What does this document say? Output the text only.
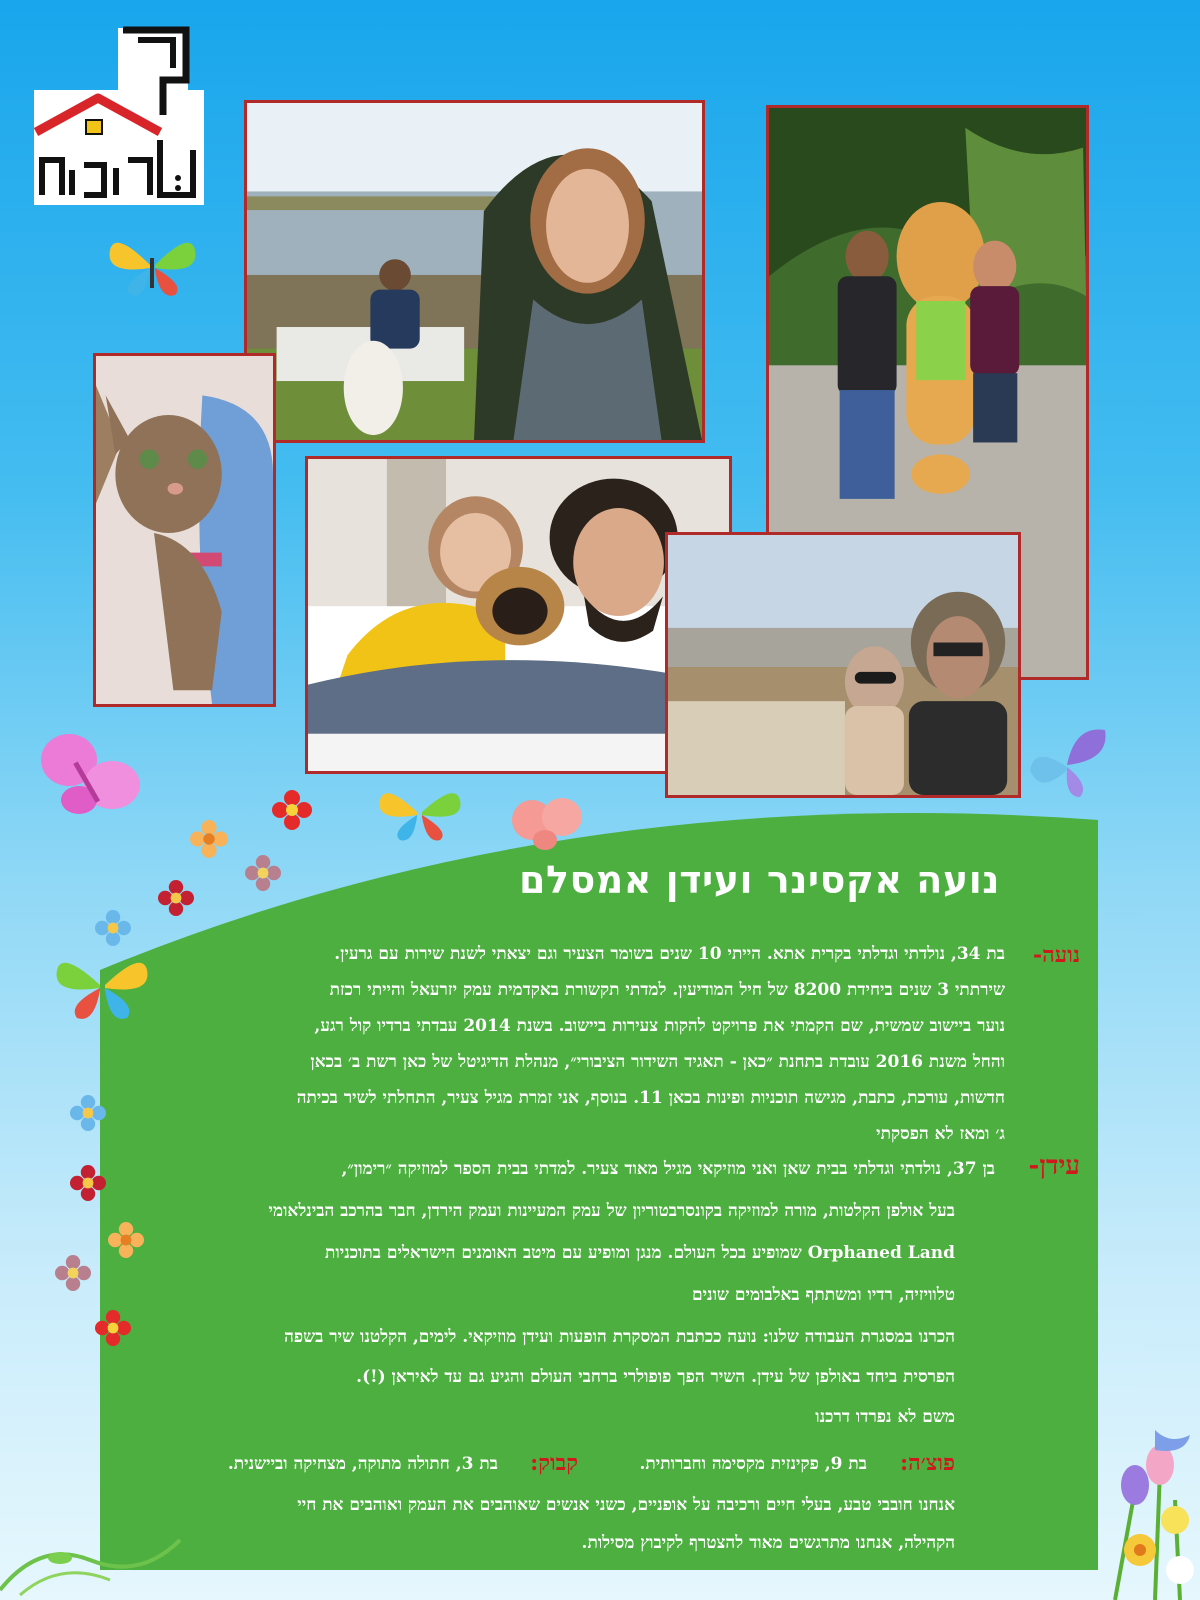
נועה אקסינר ועידן אמסלם
נועה-
בת 34, נולדתי וגדלתי בקרית אתא. הייתי 10 שנים בשומר הצעיר וגם יצאתי לשנת שירות עם גרעין.
שירתתי 3 שנים ביחידת 8200 של חיל המודיעין. למדתי תקשורת באקדמית עמק יזרעאל והייתי רכזת
נוער ביישוב שמשית, שם הקמתי את פרויקט להקות צעירות ביישוב. בשנת 2014 עבדתי ברדיו קול רגע,
והחל משנת 2016 עובדת בתחנת ״כאן - תאגיד השידור הציבורי״, מנהלת הדיגיטל של כאן רשת ב׳ בכאן
חדשות, עורכת, כתבת, מגישה תוכניות ופינות בכאן 11. בנוסף, אני זמרת מגיל צעיר, התחלתי לשיר בכיתה
ג׳ ומאז לא הפסקתי
עידן-
בן 37, נולדתי וגדלתי בבית שאן ואני מוזיקאי מגיל מאוד צעיר. למדתי בבית הספר למוזיקה ״רימון״,
בעל אולפן הקלטות, מורה למוזיקה בקונסרבטוריון של עמק המעיינות ועמק הירדן, חבר בהרכב הבינלאומי
Orphaned Land שמופיע בכל העולם. מנגן ומופיע עם מיטב האומנים הישראלים בתוכניות
טלוויזיה, רדיו ומשתתף באלבומים שונים
הכרנו במסגרת העבודה שלנו: נועה ככתבת המסקרת הופעות ועידן מוזיקאי. לימים, הקלטנו שיר בשפה
הפרסית ביחד באולפן של עידן. השיר הפך פופולרי ברחבי העולם והגיע גם עד לאיראן (!).
משם לא נפרדו דרכנו
פוצ׳ה:
בת 9, פקינזית מקסימה וחברותית.
קבוק:
בת 3, חתולה מתוקה, מצחיקה וביישנית.
אנחנו חובבי טבע, בעלי חיים ורכיבה על אופניים, כשני אנשים שאוהבים את העמק ואוהבים את חיי
הקהילה, אנחנו מתרגשים מאוד להצטרף לקיבוץ מסילות.
